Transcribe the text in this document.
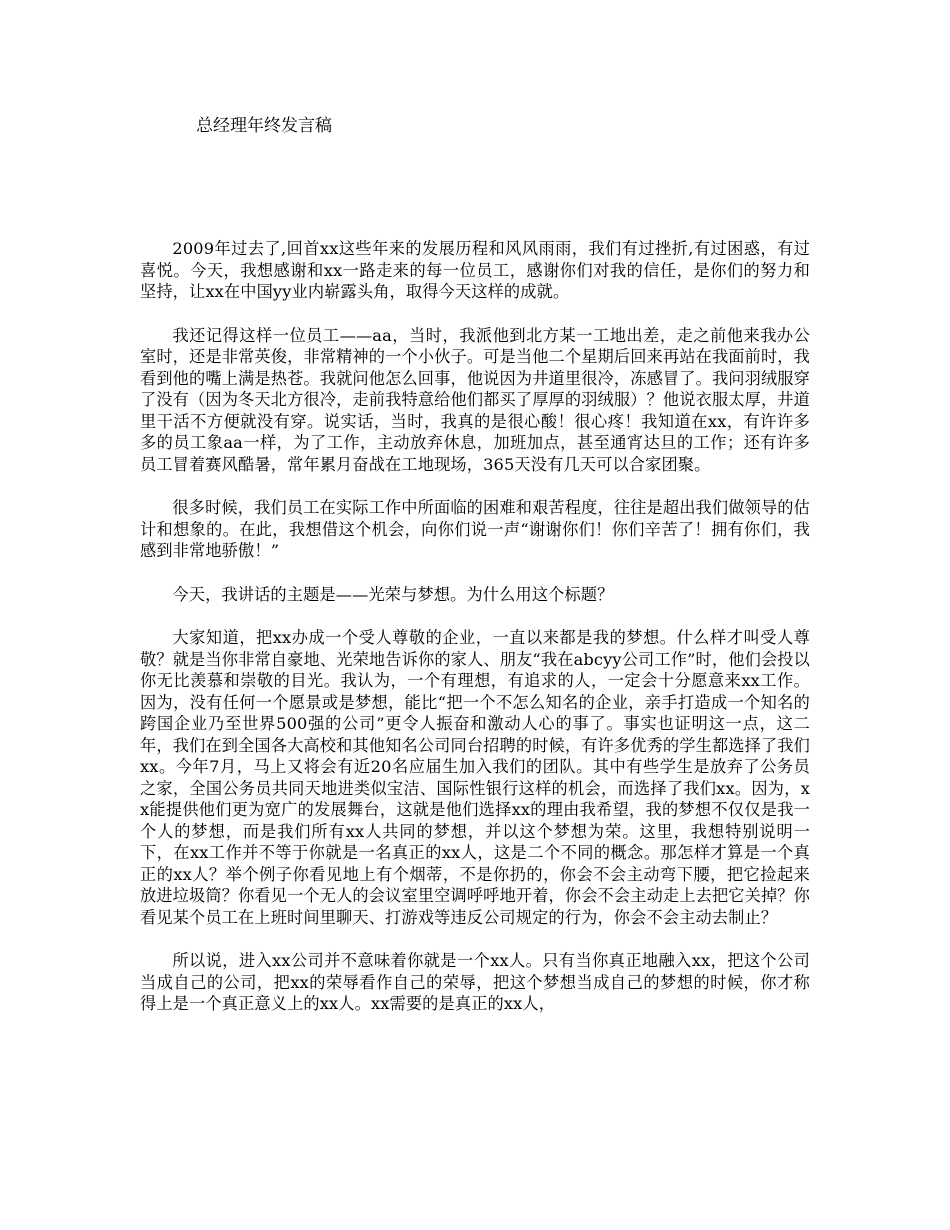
总经理年终发言稿

2009年过去了,回首xx这些年来的发展历程和风风雨雨，我们有过挫折,有过困惑，有过喜悦。今天，我想感谢和xx一路走来的每一位员工，感谢你们对我的信任，是你们的努力和坚持，让xx在中国yy业内崭露头角，取得今天这样的成就。

我还记得这样一位员工——aa，当时，我派他到北方某一工地出差，走之前他来我办公室时，还是非常英俊，非常精神的一个小伙子。可是当他二个星期后回来再站在我面前时，我看到他的嘴上满是热苍。我就问他怎么回事，他说因为井道里很冷，冻感冒了。我问羽绒服穿了没有（因为冬天北方很冷，走前我特意给他们都买了厚厚的羽绒服）？他说衣服太厚，井道里干活不方便就没有穿。说实话，当时，我真的是很心酸！很心疼！我知道在xx，有许许多多的员工象aa一样，为了工作，主动放弃休息，加班加点，甚至通宵达旦的工作；还有许多员工冒着赛风酷暑，常年累月奋战在工地现场，365天没有几天可以合家团聚。

很多时候，我们员工在实际工作中所面临的困难和艰苦程度，往往是超出我们做领导的估计和想象的。在此，我想借这个机会，向你们说一声“谢谢你们！你们辛苦了！拥有你们，我感到非常地骄傲！”

今天，我讲话的主题是——光荣与梦想。为什么用这个标题？

大家知道，把xx办成一个受人尊敬的企业，一直以来都是我的梦想。什么样才叫受人尊敬？就是当你非常自豪地、光荣地告诉你的家人、朋友“我在abcyy公司工作”时，他们会投以你无比羡慕和崇敬的目光。我认为，一个有理想，有追求的人，一定会十分愿意来xx工作。因为，没有任何一个愿景或是梦想，能比“把一个不怎么知名的企业，亲手打造成一个知名的跨国企业乃至世界500强的公司”更令人振奋和激动人心的事了。事实也证明这一点，这二年，我们在到全国各大高校和其他知名公司同台招聘的时候，有许多优秀的学生都选择了我们xx。今年7月，马上又将会有近20名应届生加入我们的团队。其中有些学生是放弃了公务员之家，全国公务员共同天地进类似宝洁、国际性银行这样的机会，而选择了我们xx。因为，xx能提供他们更为宽广的发展舞台，这就是他们选择xx的理由我希望，我的梦想不仅仅是我一个人的梦想，而是我们所有xx人共同的梦想，并以这个梦想为荣。这里，我想特别说明一下，在xx工作并不等于你就是一名真正的xx人，这是二个不同的概念。那怎样才算是一个真正的xx人？举个例子你看见地上有个烟蒂，不是你扔的，你会不会主动弯下腰，把它捡起来放进垃圾筒？你看见一个无人的会议室里空调呼呼地开着，你会不会主动走上去把它关掉？你看见某个员工在上班时间里聊天、打游戏等违反公司规定的行为，你会不会主动去制止？

所以说，进入xx公司并不意味着你就是一个xx人。只有当你真正地融入xx，把这个公司当成自己的公司，把xx的荣辱看作自己的荣辱，把这个梦想当成自己的梦想的时候，你才称得上是一个真正意义上的xx人。xx需要的是真正的xx人，
